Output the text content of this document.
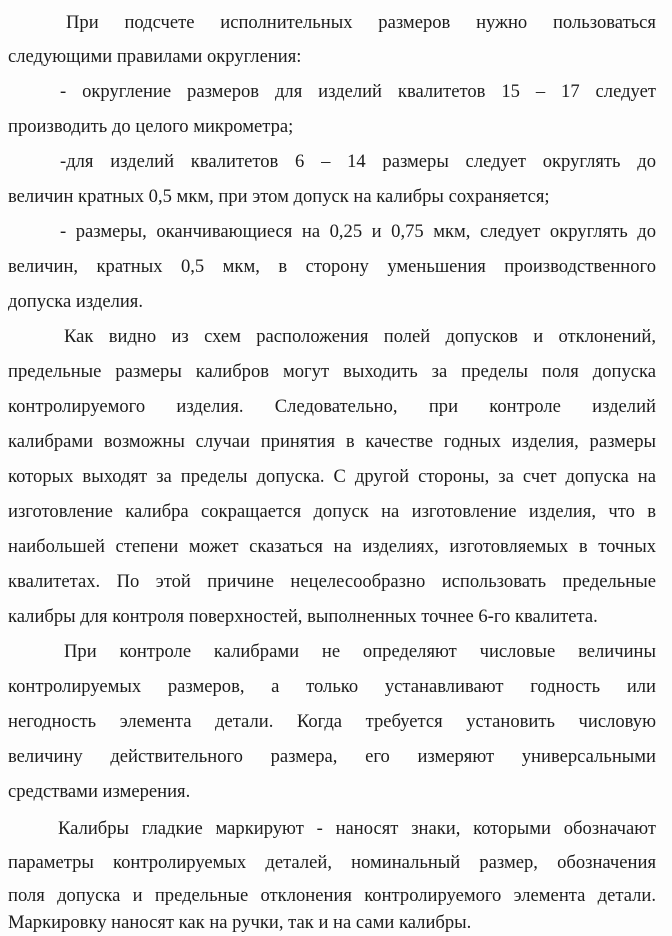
При подсчете исполнительных размеров нужно пользоваться
следующими правилами округления:
- округление размеров для изделий квалитетов 15 – 17 следует
производить до целого микрометра;
-для изделий квалитетов 6 – 14 размеры следует округлять до
величин кратных 0,5 мкм, при этом допуск на калибры сохраняется;
- размеры, оканчивающиеся на 0,25 и 0,75 мкм, следует округлять до
величин, кратных 0,5 мкм, в сторону уменьшения производственного
допуска изделия.
Как видно из схем расположения полей допусков и отклонений,
предельные размеры калибров могут выходить за пределы поля допуска
контролируемого изделия. Следовательно, при контроле изделий
калибрами возможны случаи принятия в качестве годных изделия, размеры
которых выходят за пределы допуска. С другой стороны, за счет допуска на
изготовление калибра сокращается допуск на изготовление изделия, что в
наибольшей степени может сказаться на изделиях, изготовляемых в точных
квалитетах. По этой причине нецелесообразно использовать предельные
калибры для контроля поверхностей, выполненных точнее 6-го квалитета.
При контроле калибрами не определяют числовые величины
контролируемых размеров, а только устанавливают годность или
негодность элемента детали. Когда требуется установить числовую
величину действительного размера, его измеряют универсальными
средствами измерения.
Калибры гладкие маркируют - наносят знаки, которыми обозначают
параметры контролируемых деталей, номинальный размер, обозначения
поля допуска и предельные отклонения контролируемого элемента детали.
Маркировку наносят как на ручки, так и на сами калибры.
